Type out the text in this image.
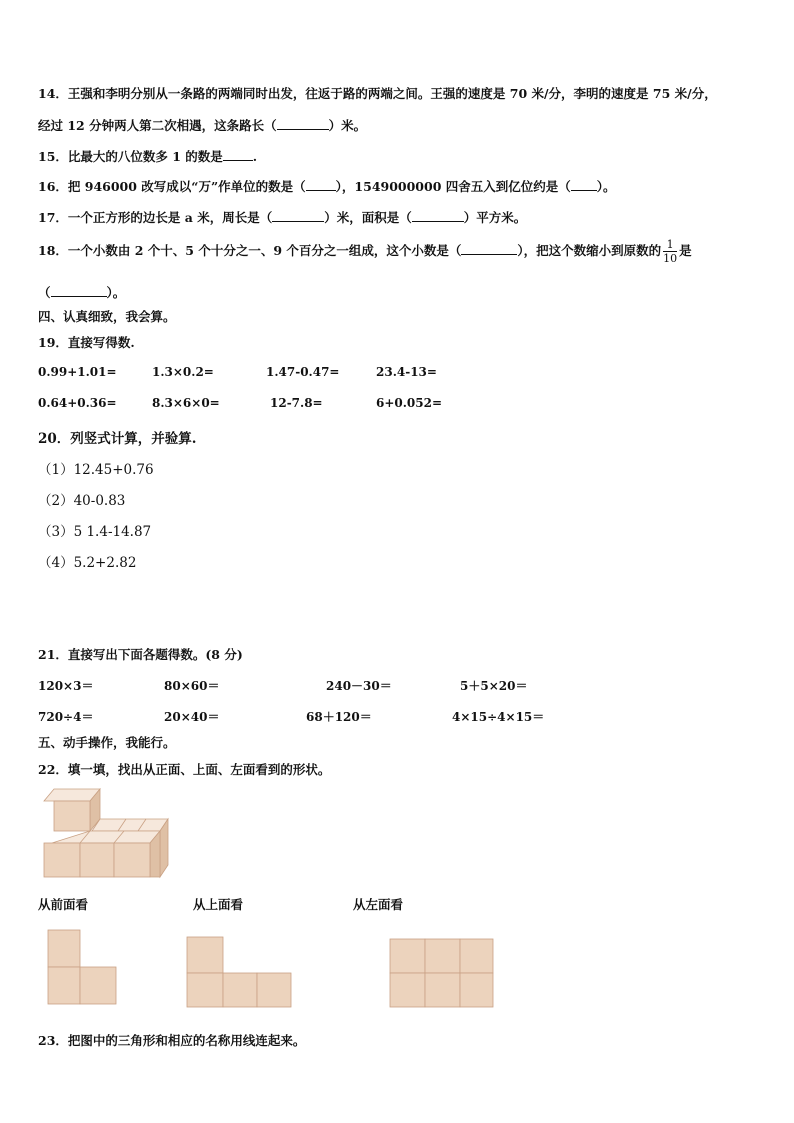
14．王强和李明分别从一条路的两端同时出发，往返于路的两端之间。王强的速度是 70 米/分，李明的速度是 75 米/分，
经过 12 分钟两人第二次相遇，这条路长（	）米。
15．比最大的八位数多 1 的数是 .
16．把 946000 改写成以“万”作单位的数是（ ），1549000000 四舍五入到亿位约是（ ）。
17．一个正方形的边长是 a 米，周长是（	）米，面积是（	）平方米。
18．一个小数由 2 个十、5 个十分之一、9 个百分之一组成，这个小数是（	），把这个数缩小到原数的 $\frac{1}{10}$ 是
（	）。
四、认真细致，我会算。
19．直接写得数.
0.99+1.01=	1.3×0.2=	1.47-0.47=	23.4-13=
0.64+0.36=	8.3×6×0=	12-7.8=	6+0.052=
20．列竖式计算，并验算.
（1）12.45+0.76
（2）40-0.83
（3）5 1.4-14.87
（4）5.2+2.82
21．直接写出下面各题得数。(8 分)
120×3＝	80×60＝	240－30＝	5＋5×20＝
720÷4＝	20×40＝	68＋120＝	4×15÷4×15＝
五、动手操作，我能行。
22．填一填，找出从正面、上面、左面看到的形状。
从前面看	从上面看	从左面看
23．把图中的三角形和相应的名称用线连起来。
